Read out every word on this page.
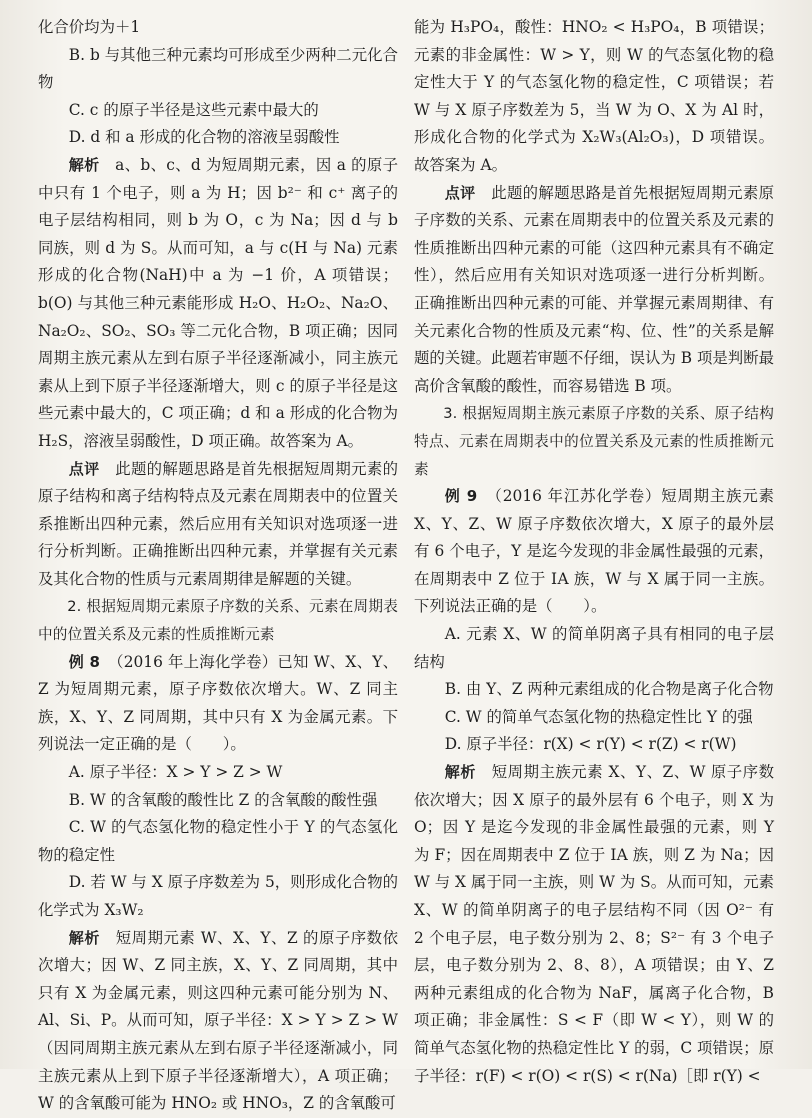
化合价均为＋1

B. b 与其他三种元素均可形成至少两种二元化合物

C. c 的原子半径是这些元素中最大的

D. d 和 a 形成的化合物的溶液呈弱酸性

解析　 a、b、c、d 为短周期元素，因 a 的原子中只有 1 个电子，则 a 为 H；因 b²⁻ 和 c⁺ 离子的电子层结构相同，则 b 为 O，c 为 Na；因 d 与 b 同族，则 d 为 S。从而可知，a 与 c(H 与 Na) 元素形成的化合物(NaH)中 a 为 −1 价，A 项错误；b(O) 与其他三种元素能形成 H₂O、H₂O₂、Na₂O、Na₂O₂、SO₂、SO₃ 等二元化合物，B 项正确；因同周期主族元素从左到右原子半径逐渐减小，同主族元素从上到下原子半径逐渐增大，则 c 的原子半径是这些元素中最大的，C 项正确；d 和 a 形成的化合物为 H₂S，溶液呈弱酸性，D 项正确。故答案为 A。

点评　 此题的解题思路是首先根据短周期元素的原子结构和离子结构特点及元素在周期表中的位置关系推断出四种元素，然后应用有关知识对选项逐一进行分析判断。正确推断出四种元素，并掌握有关元素及其化合物的性质与元素周期律是解题的关键。

2. 根据短周期元素原子序数的关系、元素在周期表中的位置关系及元素的性质推断元素

例 8　 （2016 年上海化学卷）已知 W、X、Y、Z 为短周期元素，原子序数依次增大。W、Z 同主族，X、Y、Z 同周期，其中只有 X 为金属元素。下列说法一定正确的是（　　）。

A. 原子半径：X > Y > Z > W

B. W 的含氧酸的酸性比 Z 的含氧酸的酸性强

C. W 的气态氢化物的稳定性小于 Y 的气态氢化物的稳定性

D. 若 W 与 X 原子序数差为 5，则形成化合物的化学式为 X₃W₂

解析　 短周期元素 W、X、Y、Z 的原子序数依次增大；因 W、Z 同主族，X、Y、Z 同周期，其中只有 X 为金属元素，则这四种元素可能分别为 N、Al、Si、P。从而可知，原子半径：X > Y > Z > W（因同周期主族元素从左到右原子半径逐渐减小，同主族元素从上到下原子半径逐渐增大），A 项正确；W 的含氧酸可能为 HNO₂ 或 HNO₃，Z 的含氧酸可

能为 H₃PO₄，酸性：HNO₂ < H₃PO₄，B 项错误；元素的非金属性：W > Y，则 W 的气态氢化物的稳定性大于 Y 的气态氢化物的稳定性，C 项错误；若 W 与 X 原子序数差为 5，当 W 为 O、X 为 Al 时，形成化合物的化学式为 X₂W₃(Al₂O₃)，D 项错误。故答案为 A。

点评　 此题的解题思路是首先根据短周期元素原子序数的关系、元素在周期表中的位置关系及元素的性质推断出四种元素的可能（这四种元素具有不确定性），然后应用有关知识对选项逐一进行分析判断。正确推断出四种元素的可能、并掌握元素周期律、有关元素化合物的性质及元素“构、位、性”的关系是解题的关键。此题若审题不仔细，误认为 B 项是判断最高价含氧酸的酸性，而容易错选 B 项。

3. 根据短周期主族元素原子序数的关系、原子结构特点、元素在周期表中的位置关系及元素的性质推断元素

例 9　 （2016 年江苏化学卷）短周期主族元素 X、Y、Z、W 原子序数依次增大，X 原子的最外层有 6 个电子，Y 是迄今发现的非金属性最强的元素，在周期表中 Z 位于 ⅠA 族，W 与 X 属于同一主族。下列说法正确的是（　　）。

A. 元素 X、W 的简单阴离子具有相同的电子层结构

B. 由 Y、Z 两种元素组成的化合物是离子化合物

C. W 的简单气态氢化物的热稳定性比 Y 的强

D. 原子半径：r(X) < r(Y) < r(Z) < r(W)

解析　 短周期主族元素 X、Y、Z、W 原子序数依次增大；因 X 原子的最外层有 6 个电子，则 X 为 O；因 Y 是迄今发现的非金属性最强的元素，则 Y 为 F；因在周期表中 Z 位于 ⅠA 族，则 Z 为 Na；因 W 与 X 属于同一主族，则 W 为 S。从而可知，元素 X、W 的简单阴离子的电子层结构不同（因 O²⁻ 有 2 个电子层，电子数分别为 2、8；S²⁻ 有 3 个电子层，电子数分别为 2、8、8），A 项错误；由 Y、Z 两种元素组成的化合物为 NaF，属离子化合物，B 项正确；非金属性：S < F（即 W < Y），则 W 的简单气态氢化物的热稳定性比 Y 的弱，C 项错误；原子半径：r(F) < r(O) < r(S) < r(Na)［即 r(Y) <
